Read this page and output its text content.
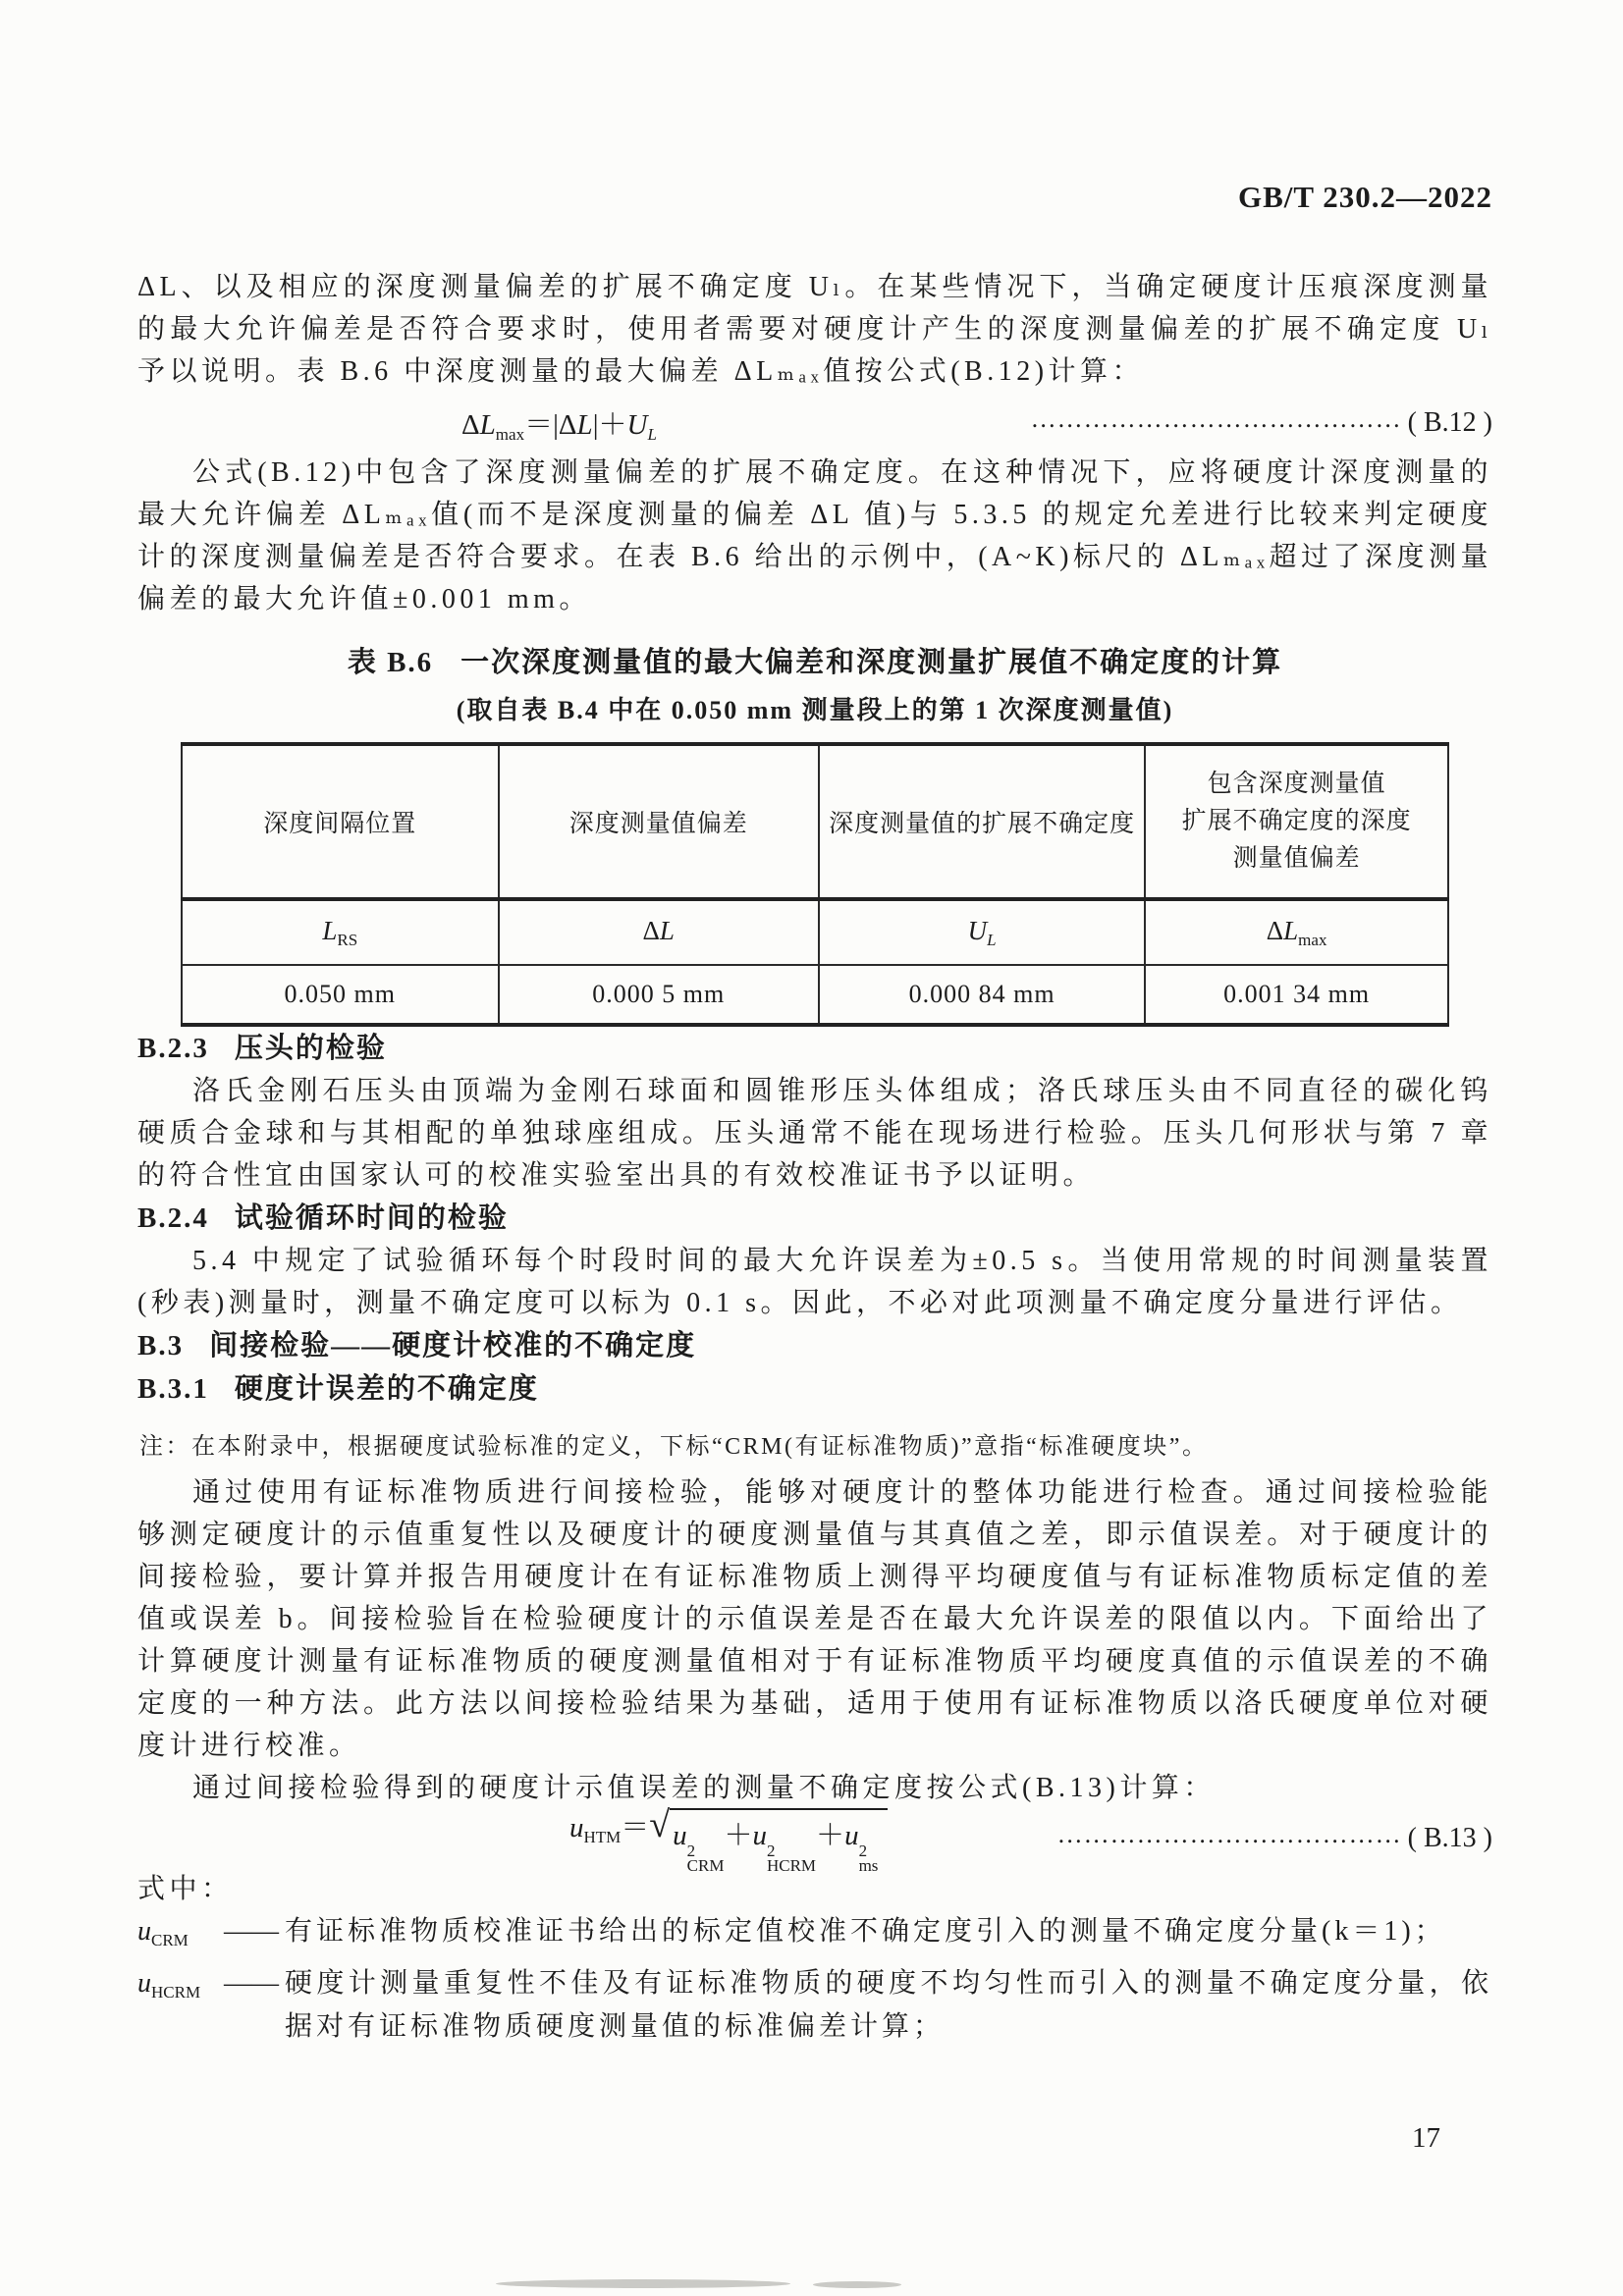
GB/T 230.2—2022

ΔL、以及相应的深度测量偏差的扩展不确定度 Uₗ。在某些情况下，当确定硬度计压痕深度测量的最大允许偏差是否符合要求时，使用者需要对硬度计产生的深度测量偏差的扩展不确定度 Uₗ 予以说明。表 B.6 中深度测量的最大偏差 ΔLₘₐₓ值按公式(B.12)计算：

$\Delta L_{max}=|\Delta L|+U_L$
…………………………………… ( B.12 )

公式(B.12)中包含了深度测量偏差的扩展不确定度。在这种情况下，应将硬度计深度测量的最大允许偏差 ΔLₘₐₓ值(而不是深度测量的偏差 ΔL 值)与 5.3.5 的规定允差进行比较来判定硬度计的深度测量偏差是否符合要求。在表 B.6 给出的示例中，(A~K)标尺的 ΔLₘₐₓ超过了深度测量偏差的最大允许值±0.001 mm。

表 B.6 一次深度测量值的最大偏差和深度测量扩展值不确定度的计算
(取自表 B.4 中在 0.050 mm 测量段上的第 1 次深度测量值)
深度间隔位置	深度测量值偏差	深度测量值的扩展不确定度	包含深度测量值
扩展不确定度的深度
测量值偏差

$L_{RS}$	ΔL	$U_L$	$\Delta L_{max}$
0.050 mm	0.000 5 mm	0.000 84 mm	0.001 34 mm
B.2.3 压头的检验

洛氏金刚石压头由顶端为金刚石球面和圆锥形压头体组成；洛氏球压头由不同直径的碳化钨硬质合金球和与其相配的单独球座组成。压头通常不能在现场进行检验。压头几何形状与第 7 章的符合性宜由国家认可的校准实验室出具的有效校准证书予以证明。

B.2.4 试验循环时间的检验

5.4 中规定了试验循环每个时段时间的最大允许误差为±0.5 s。当使用常规的时间测量装置(秒表)测量时，测量不确定度可以标为 0.1 s。因此，不必对此项测量不确定度分量进行评估。

B.3 间接检验——硬度计校准的不确定度
B.3.1 硬度计误差的不确定度

注：在本附录中，根据硬度试验标准的定义，下标“CRM(有证标准物质)”意指“标准硬度块”。

通过使用有证标准物质进行间接检验，能够对硬度计的整体功能进行检查。通过间接检验能够测定硬度计的示值重复性以及硬度计的硬度测量值与其真值之差，即示值误差。对于硬度计的间接检验，要计算并报告用硬度计在有证标准物质上测得平均硬度值与有证标准物质标定值的差值或误差 b。间接检验旨在检验硬度计的示值误差是否在最大允许误差的限值以内。下面给出了计算硬度计测量有证标准物质的硬度测量值相对于有证标准物质平均硬度真值的示值误差的不确定度的一种方法。此方法以间接检验结果为基础，适用于使用有证标准物质以洛氏硬度单位对硬度计进行校准。

通过间接检验得到的硬度计示值误差的测量不确定度按公式(B.13)计算：

$u_{HTM}=$ √ u 2
CRM
＋u 2
HCRM
＋u 2
ms
………………………………… ( B.13 )

式中：

$u_{CRM}$	—— 有证标准物质校准证书给出的标定值校准不确定度引入的测量不确定度分量(k＝1)；
$u_{HCRM}$ —— 硬度计测量重复性不佳及有证标准物质的硬度不均匀性而引入的测量不确定度分量，依据对有证标准物质硬度测量值的标准偏差计算；
17
